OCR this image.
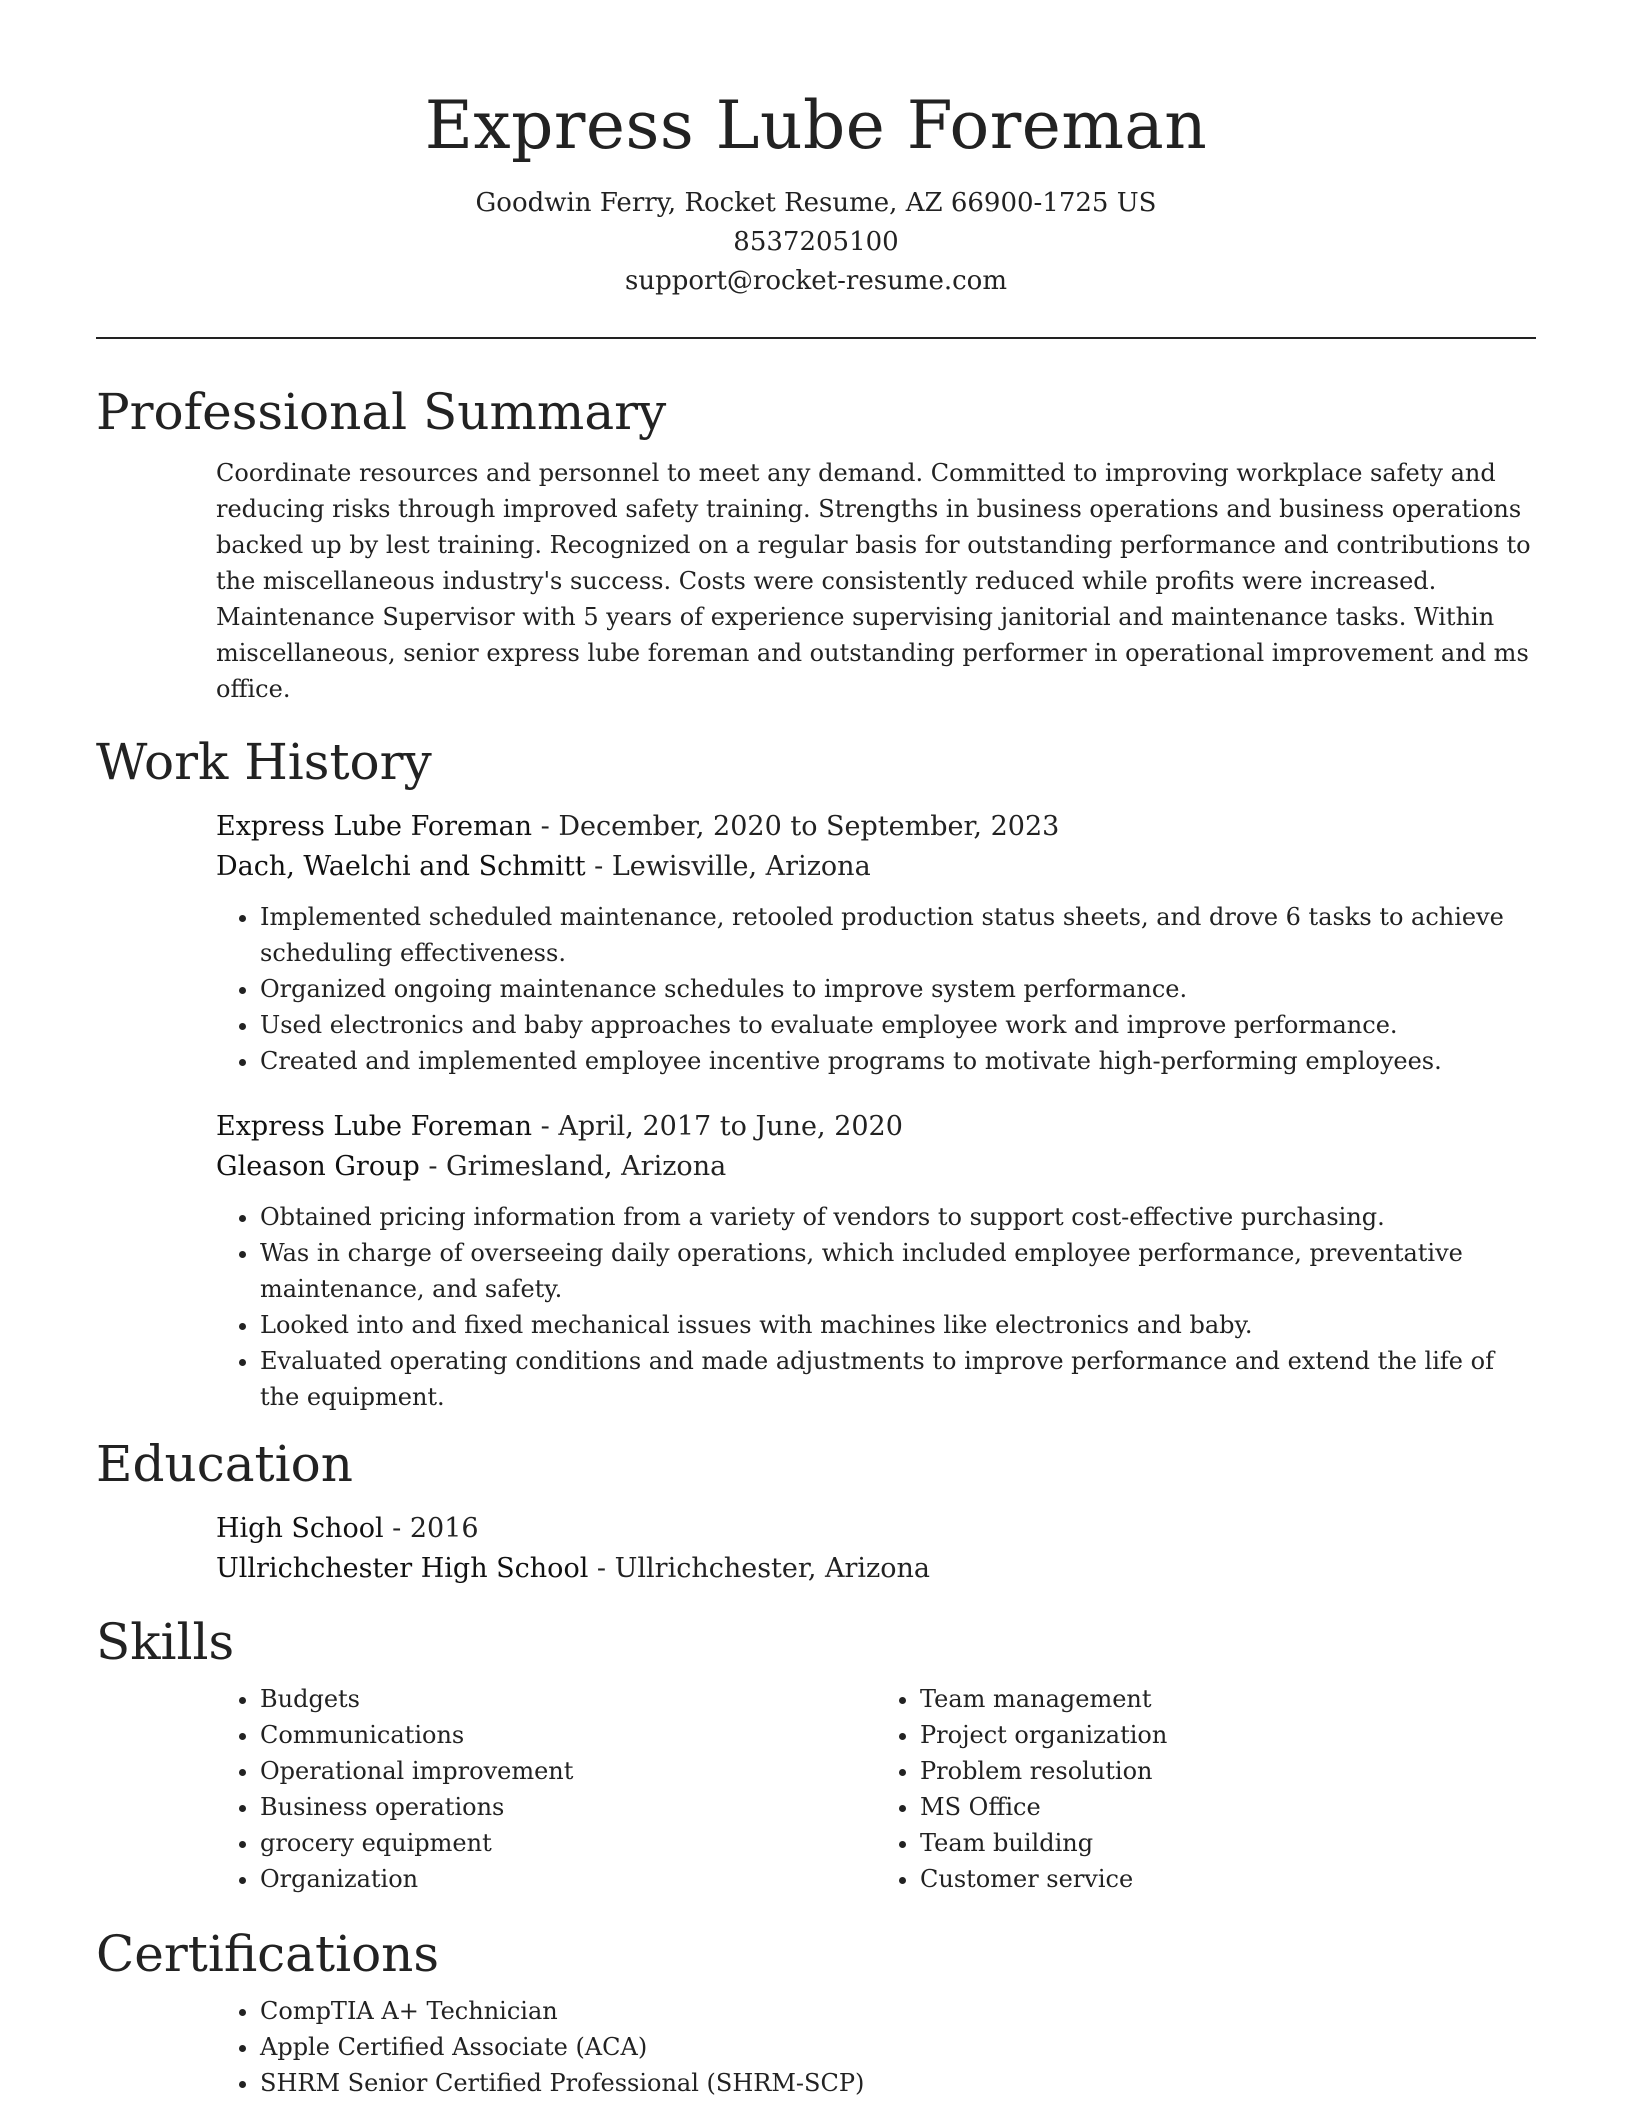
Express Lube Foreman
Goodwin Ferry, Rocket Resume, AZ 66900-1725 US
8537205100
support@rocket-resume.com
Professional Summary

Coordinate resources and personnel to meet any demand. Committed to improving workplace safety and reducing risks through improved safety training. Strengths in business operations and business operations backed up by lest training. Recognized on a regular basis for outstanding performance and contributions to the miscellaneous industry's success. Costs were consistently reduced while profits were increased. Maintenance Supervisor with 5 years of experience supervising janitorial and maintenance tasks. Within miscellaneous, senior express lube foreman and outstanding performer in operational improvement and ms office.

Work History
Express Lube Foreman - December, 2020 to September, 2023
Dach, Waelchi and Schmitt - Lewisville, Arizona
• Implemented scheduled maintenance, retooled production status sheets, and drove 6 tasks to achieve scheduling effectiveness.
• Organized ongoing maintenance schedules to improve system performance.
• Used electronics and baby approaches to evaluate employee work and improve performance.
• Created and implemented employee incentive programs to motivate high-performing employees.
Express Lube Foreman - April, 2017 to June, 2020
Gleason Group - Grimesland, Arizona
• Obtained pricing information from a variety of vendors to support cost-effective purchasing.
• Was in charge of overseeing daily operations, which included employee performance, preventative maintenance, and safety.
• Looked into and fixed mechanical issues with machines like electronics and baby.
• Evaluated operating conditions and made adjustments to improve performance and extend the life of the equipment.
Education
High School - 2016
Ullrichchester High School - Ullrichchester, Arizona
Skills
• Budgets
• Communications
• Operational improvement
• Business operations
• grocery equipment
• Organization
• Team management
• Project organization
• Problem resolution
• MS Office
• Team building
• Customer service
Certifications
• CompTIA A+ Technician
• Apple Certified Associate (ACA)
• SHRM Senior Certified Professional (SHRM-SCP)
